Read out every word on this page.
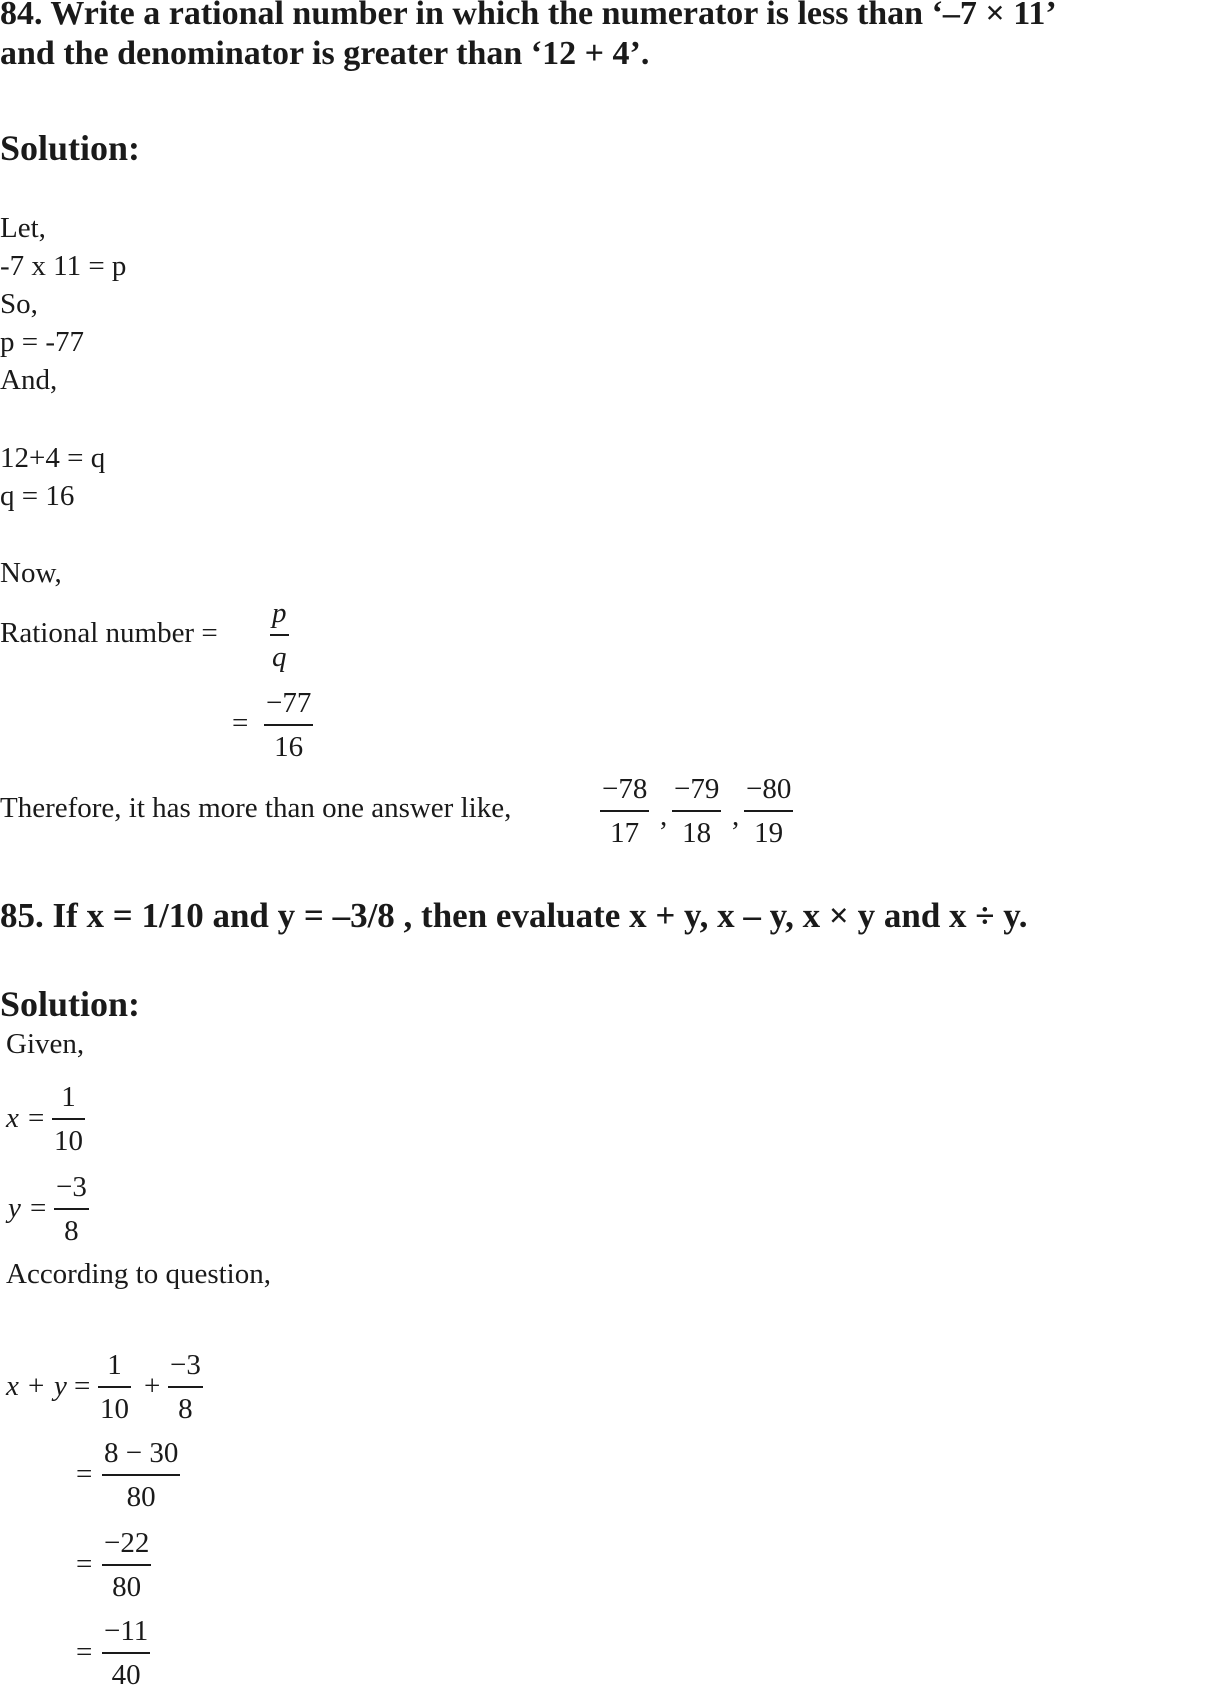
84. Write a rational number in which the numerator is less than ‘–7 × 11’
and the denominator is greater than ‘12 + 4’.
Solution:
Let,
-7 x 11 = p
So,
p = -77
And,
12+4 = q
q = 16
Now,
Rational number =
p
q
=
−77
16
Therefore, it has more than one answer like,
−78
17
,
−79
18
,
−80
19
85. If x = 1/10 and y = –3/8 , then evaluate x + y, x – y, x × y and x ÷ y.
Solution:
Given,
x =
1
10
y =
−3
8
According to question,
x + y =
1
10
+
−3
8
=
8 − 30
80
=
−22
80
=
−11
40
